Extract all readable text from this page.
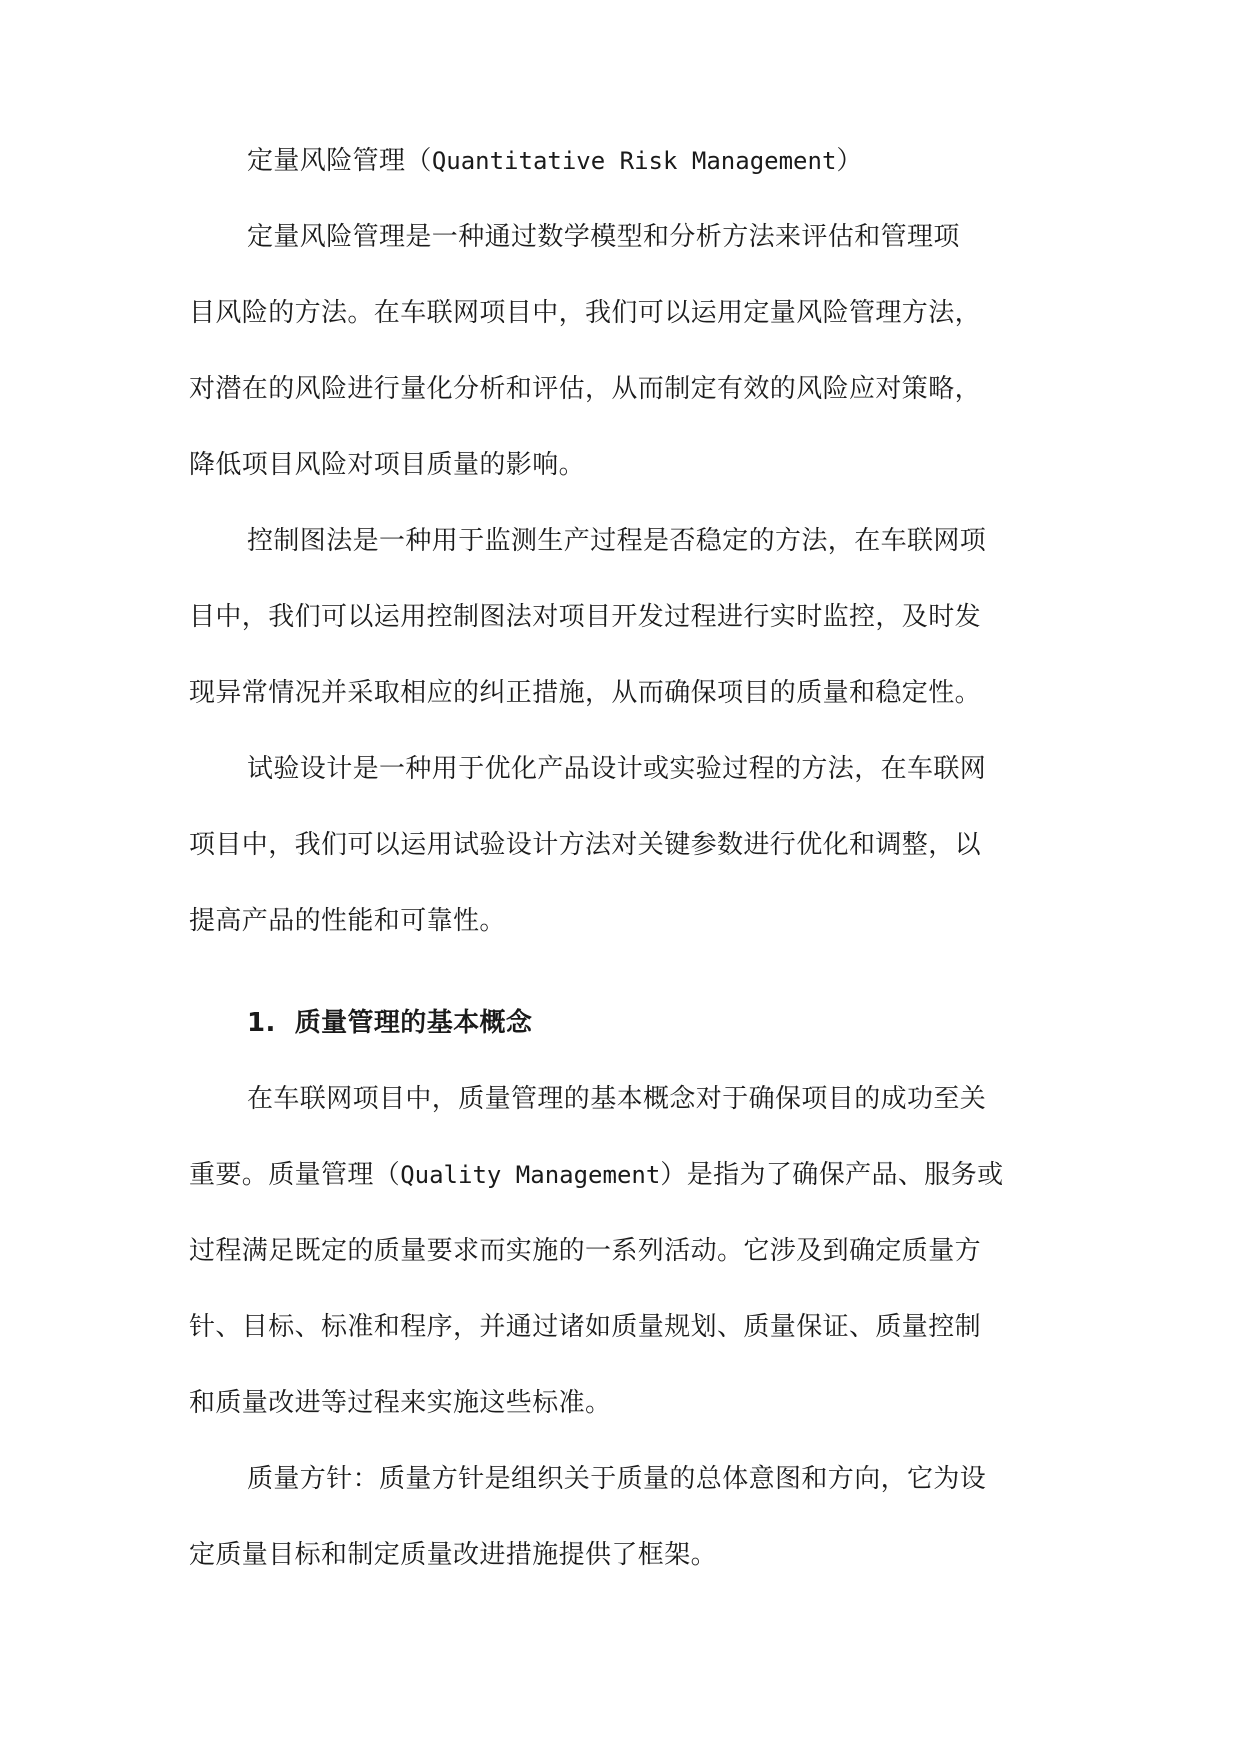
定量风险管理（Quantitative Risk Management）
定量风险管理是一种通过数学模型和分析方法来评估和管理项
目风险的方法。在车联网项目中，我们可以运用定量风险管理方法，
对潜在的风险进行量化分析和评估，从而制定有效的风险应对策略，
降低项目风险对项目质量的影响。
控制图法是一种用于监测生产过程是否稳定的方法，在车联网项
目中，我们可以运用控制图法对项目开发过程进行实时监控，及时发
现异常情况并采取相应的纠正措施，从而确保项目的质量和稳定性。
试验设计是一种用于优化产品设计或实验过程的方法，在车联网
项目中，我们可以运用试验设计方法对关键参数进行优化和调整，以
提高产品的性能和可靠性。
1. 质量管理的基本概念
在车联网项目中，质量管理的基本概念对于确保项目的成功至关
重要。质量管理（Quality Management）是指为了确保产品、服务或
过程满足既定的质量要求而实施的一系列活动。它涉及到确定质量方
针、目标、标准和程序，并通过诸如质量规划、质量保证、质量控制
和质量改进等过程来实施这些标准。
质量方针：质量方针是组织关于质量的总体意图和方向，它为设
定质量目标和制定质量改进措施提供了框架。
